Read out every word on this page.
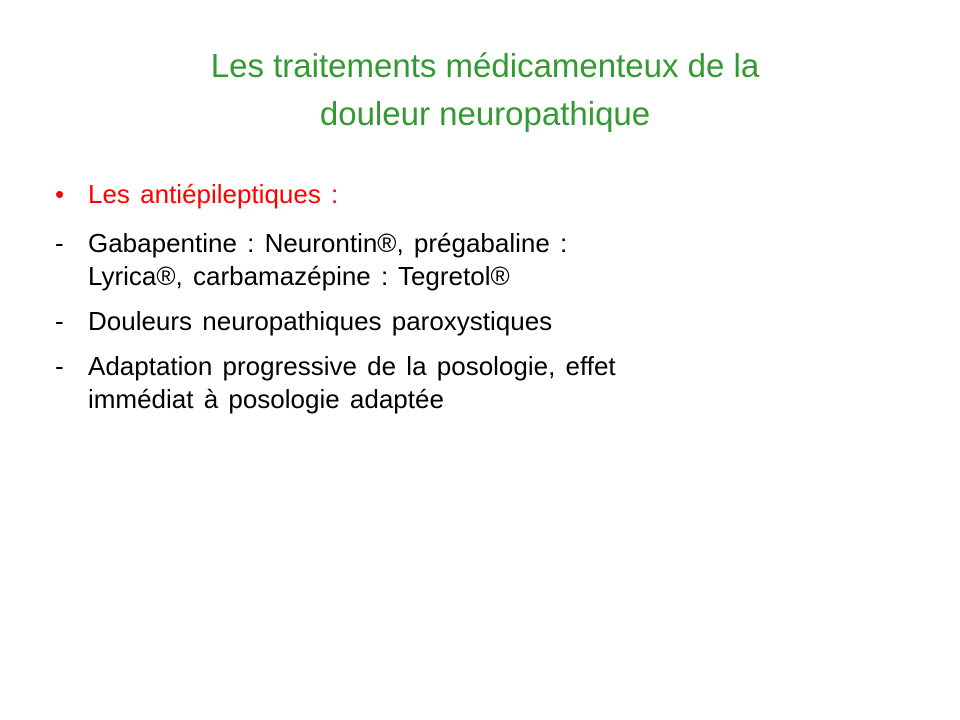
Les traitements médicamenteux de la
douleur neuropathique
• Les antiépileptiques :
- Gabapentine : Neurontin®, prégabaline :
Lyrica®, carbamazépine : Tegretol®
- Douleurs neuropathiques paroxystiques
- Adaptation progressive de la posologie, effet
immédiat à posologie adaptée
